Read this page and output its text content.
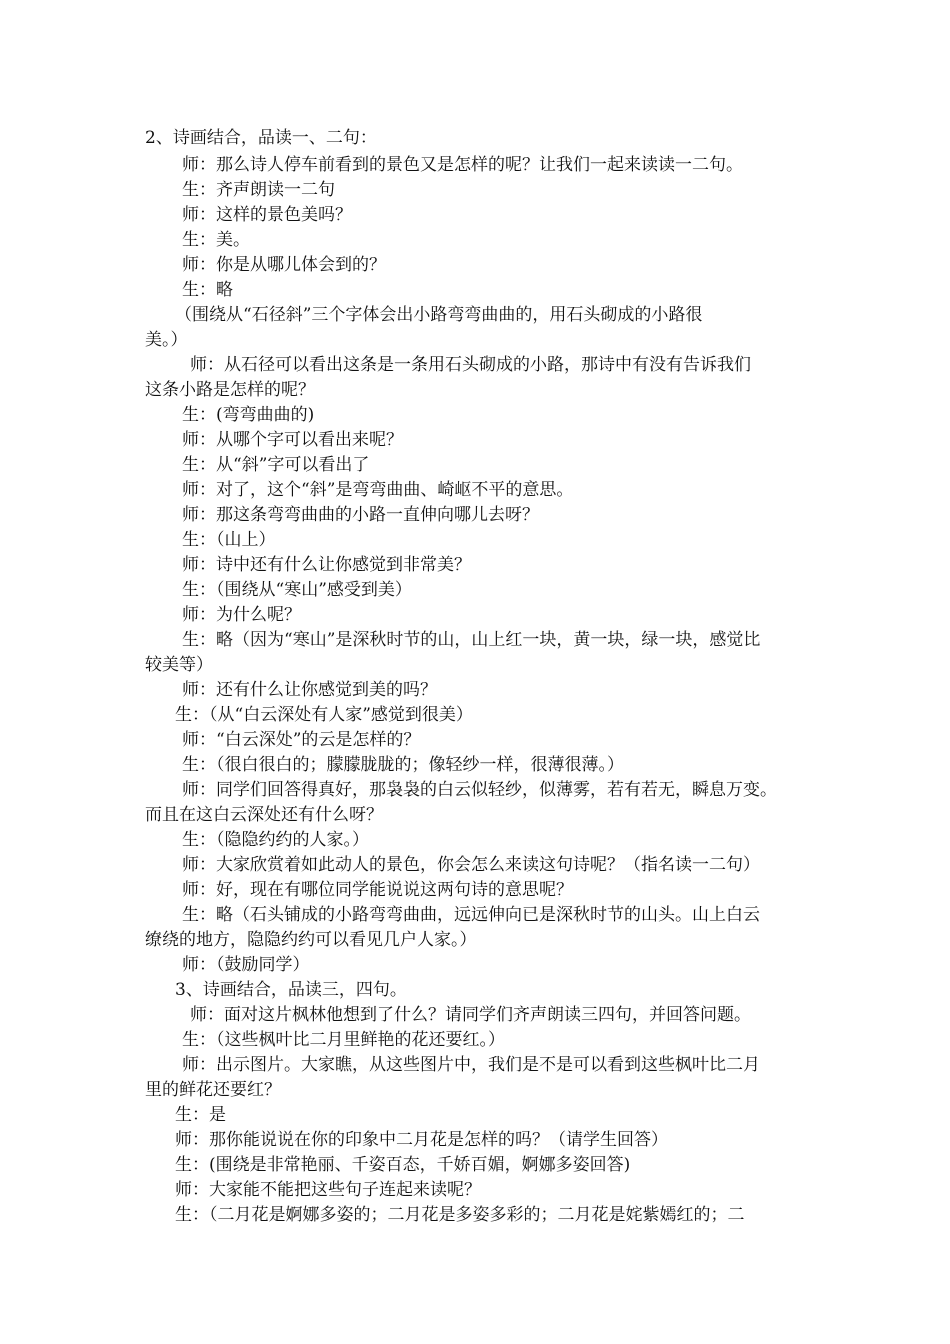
2、诗画结合，品读一、二句：
师：那么诗人停车前看到的景色又是怎样的呢？让我们一起来读读一二句。
生：齐声朗读一二句
师：这样的景色美吗？
生：美。
师：你是从哪儿体会到的？
生：略
（围绕从“石径斜”三个字体会出小路弯弯曲曲的，用石头砌成的小路很
美。）
师：从石径可以看出这条是一条用石头砌成的小路，那诗中有没有告诉我们
这条小路是怎样的呢？
生：(弯弯曲曲的)
师：从哪个字可以看出来呢？
生：从“斜”字可以看出了
师：对了，这个“斜”是弯弯曲曲、崎岖不平的意思。
师：那这条弯弯曲曲的小路一直伸向哪儿去呀？
生：（山上）
师：诗中还有什么让你感觉到非常美？
生：（围绕从“寒山”感受到美）
师：为什么呢？
生：略（因为“寒山”是深秋时节的山，山上红一块，黄一块，绿一块，感觉比
较美等）
师：还有什么让你感觉到美的吗？
生：（从“白云深处有人家”感觉到很美）
师：“白云深处”的云是怎样的？
生：（很白很白的；朦朦胧胧的；像轻纱一样，很薄很薄。）
师：同学们回答得真好，那袅袅的白云似轻纱，似薄雾，若有若无，瞬息万变。
而且在这白云深处还有什么呀？
生：（隐隐约约的人家。）
师：大家欣赏着如此动人的景色，你会怎么来读这句诗呢？（指名读一二句）
师：好，现在有哪位同学能说说这两句诗的意思呢？
生：略（石头铺成的小路弯弯曲曲，远远伸向已是深秋时节的山头。山上白云
缭绕的地方，隐隐约约可以看见几户人家。）
师：（鼓励同学）
3、诗画结合，品读三，四句。
师：面对这片枫林他想到了什么？请同学们齐声朗读三四句，并回答问题。
生：（这些枫叶比二月里鲜艳的花还要红。）
师：出示图片。大家瞧，从这些图片中，我们是不是可以看到这些枫叶比二月
里的鲜花还要红？
生：是
师：那你能说说在你的印象中二月花是怎样的吗？（请学生回答）
生：(围绕是非常艳丽、千姿百态，千娇百媚，婀娜多姿回答)
师：大家能不能把这些句子连起来读呢？
生：（二月花是婀娜多姿的；二月花是多姿多彩的；二月花是姹紫嫣红的；二
